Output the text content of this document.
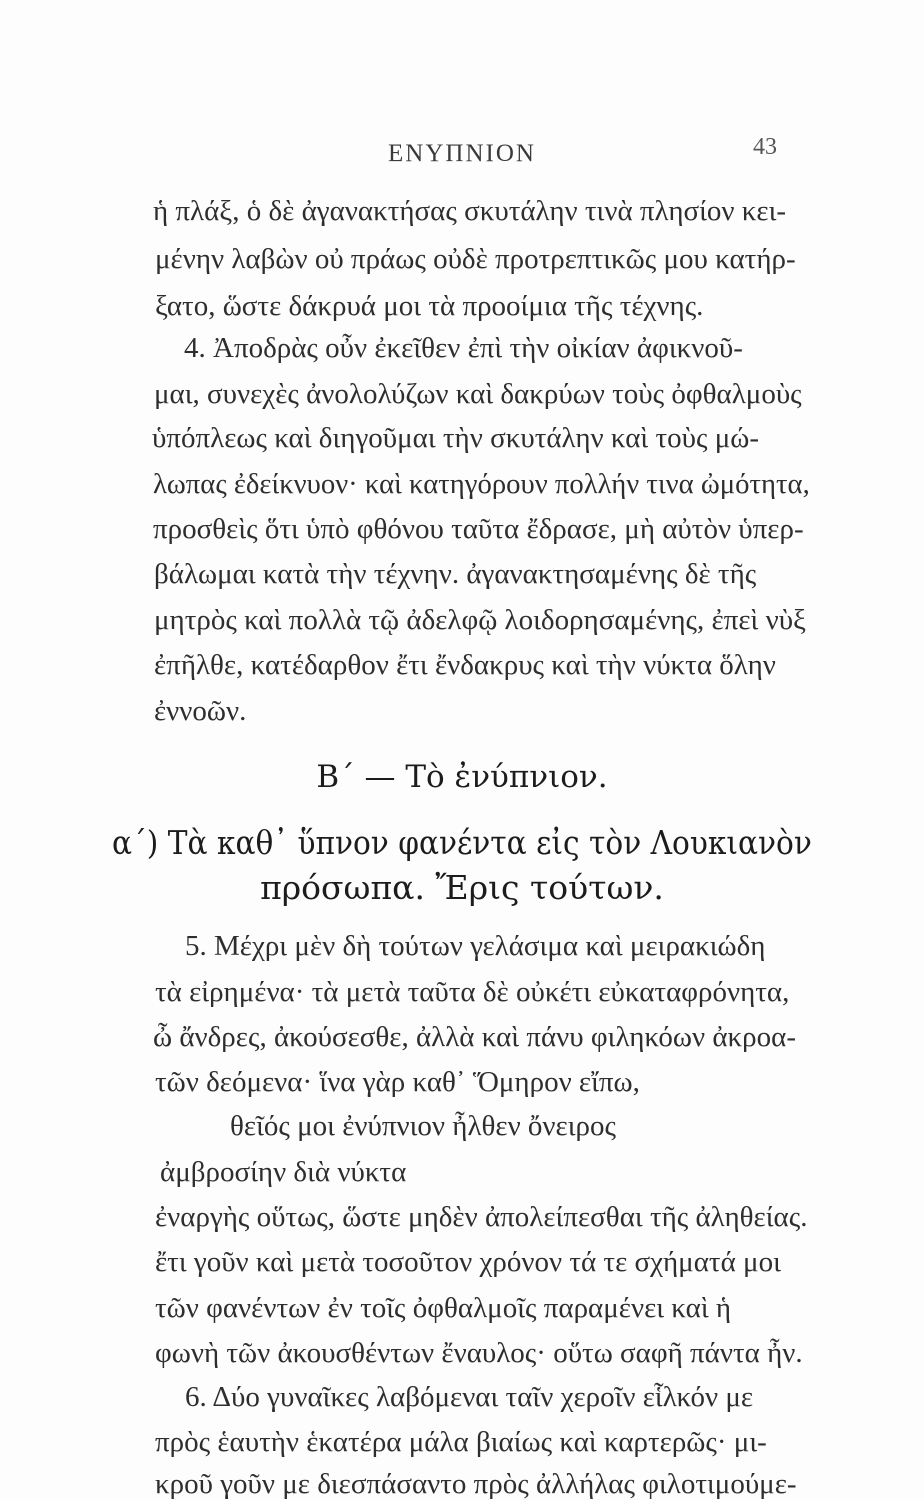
ΕΝΥΠΝΙΟΝ	43
ἡ πλάξ, ὁ δὲ ἀγανακτήσας σκυτάλην τινὰ πλησίον κει-
μένην λαβὼν οὐ πράως οὐδὲ προτρεπτικῶς μου κατήρ-
ξατο, ὥστε δάκρυά μοι τὰ προοίμια τῆς τέχνης.
4. Ἀποδρὰς οὖν ἐκεῖθεν ἐπὶ τὴν οἰκίαν ἀφικνοῦ-
μαι, συνεχὲς ἀνολολύζων καὶ δακρύων τοὺς ὀφθαλμοὺς
ὑπόπλεως καὶ διηγοῦμαι τὴν σκυτάλην καὶ τοὺς μώ-
λωπας ἐδείκνυον· καὶ κατηγόρουν πολλήν τινα ὠμότητα,
προσθεὶς ὅτι ὑπὸ φθόνου ταῦτα ἔδρασε, μὴ αὐτὸν ὑπερ-
βάλωμαι κατὰ τὴν τέχνην. ἀγανακτησαμένης δὲ τῆς
μητρὸς καὶ πολλὰ τῷ ἀδελφῷ λοιδορησαμένης, ἐπεὶ νὺξ
ἐπῆλθε, κατέδαρθον ἔτι ἔνδακρυς καὶ τὴν νύκτα ὅλην
ἐννοῶν.
Β´ — Τὸ ἐνύπνιον.
α´) Τὰ καθ᾽ ὕπνον φανέντα εἰς τὸν Λουκιανὸν
πρόσωπα. Ἔρις τούτων.
5. Μέχρι μὲν δὴ τούτων γελάσιμα καὶ μειρακιώδη
τὰ εἰρημένα· τὰ μετὰ ταῦτα δὲ οὐκέτι εὐκαταφρόνητα,
ὦ ἄνδρες, ἀκούσεσθε, ἀλλὰ καὶ πάνυ φιληκόων ἀκροα-
τῶν δεόμενα· ἵνα γὰρ καθ᾽ Ὅμηρον εἴπω,
θεῖός μοι ἐνύπνιον ἦλθεν ὄνειρος
ἀμβροσίην διὰ νύκτα
ἐναργὴς οὕτως, ὥστε μηδὲν ἀπολείπεσθαι τῆς ἀληθείας.
ἔτι γοῦν καὶ μετὰ τοσοῦτον χρόνον τά τε σχήματά μοι
τῶν φανέντων ἐν τοῖς ὀφθαλμοῖς παραμένει καὶ ἡ
φωνὴ τῶν ἀκουσθέντων ἔναυλος· οὕτω σαφῆ πάντα ἦν.
6. Δύο γυναῖκες λαβόμεναι ταῖν χεροῖν εἷλκόν με
πρὸς ἑαυτὴν ἑκατέρα μάλα βιαίως καὶ καρτερῶς· μι-
κροῦ γοῦν με διεσπάσαντο πρὸς ἀλλήλας φιλοτιμούμε-
